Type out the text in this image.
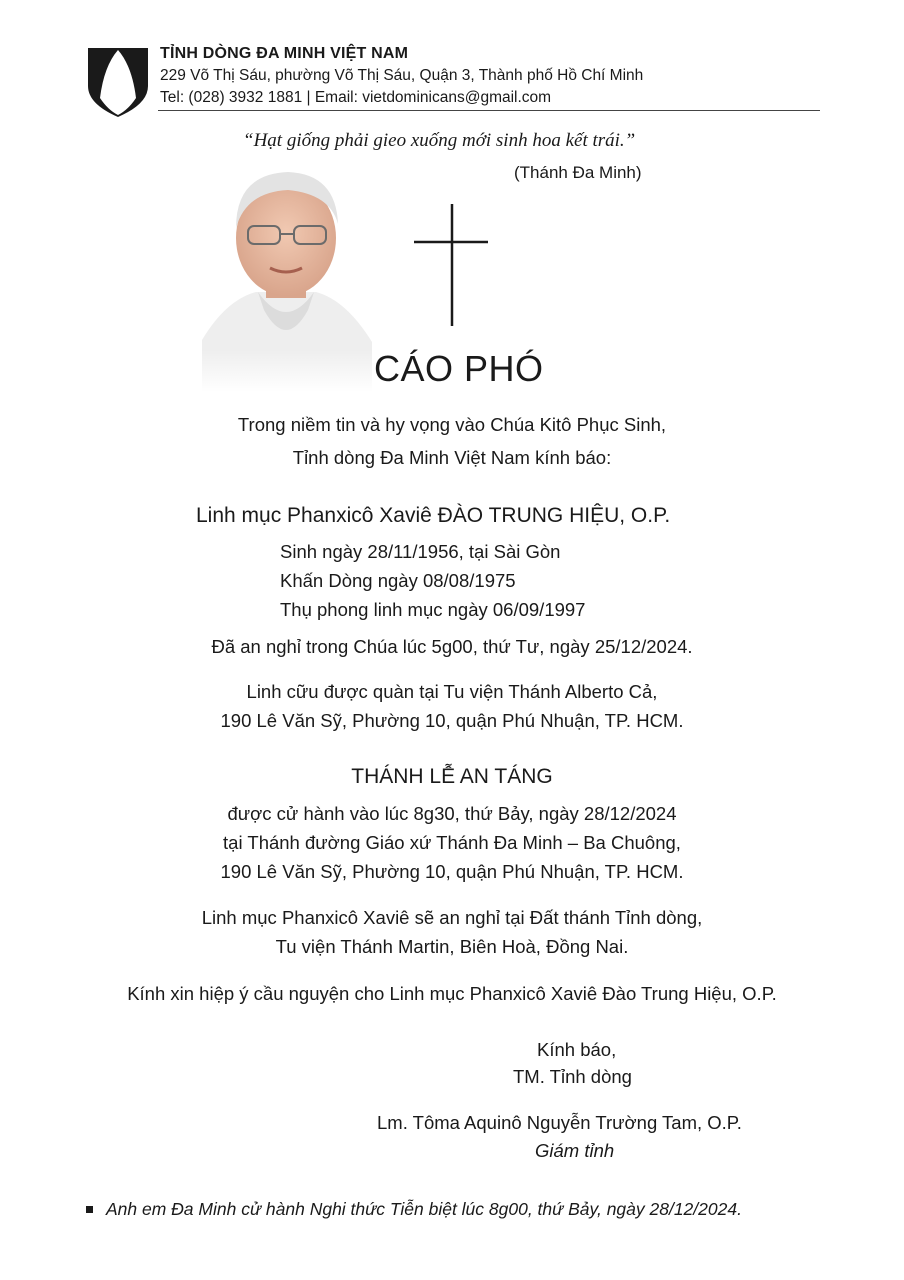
TỈNH DÒNG ĐA MINH VIỆT NAM
229 Võ Thị Sáu, phường Võ Thị Sáu, Quận 3, Thành phố Hồ Chí Minh
Tel: (028) 3932 1881 | Email: vietdominicans@gmail.com
“Hạt giống phải gieo xuống mới sinh hoa kết trái.”
(Thánh Đa Minh)
CÁO PHÓ
Trong niềm tin và hy vọng vào Chúa Kitô Phục Sinh,
Tỉnh dòng Đa Minh Việt Nam kính báo:
Linh mục Phanxicô Xaviê ĐÀO TRUNG HIỆU, O.P.
Sinh ngày 28/11/1956, tại Sài Gòn
Khấn Dòng ngày 08/08/1975
Thụ phong linh mục ngày 06/09/1997
Đã an nghỉ trong Chúa lúc 5g00, thứ Tư, ngày 25/12/2024.
Linh cữu được quàn tại Tu viện Thánh Alberto Cả,
190 Lê Văn Sỹ, Phường 10, quận Phú Nhuận, TP. HCM.
THÁNH LỄ AN TÁNG
được cử hành vào lúc 8g30, thứ Bảy, ngày 28/12/2024
tại Thánh đường Giáo xứ Thánh Đa Minh – Ba Chuông,
190 Lê Văn Sỹ, Phường 10, quận Phú Nhuận, TP. HCM.
Linh mục Phanxicô Xaviê sẽ an nghỉ tại Đất thánh Tỉnh dòng,
Tu viện Thánh Martin, Biên Hoà, Đồng Nai.
Kính xin hiệp ý cầu nguyện cho Linh mục Phanxicô Xaviê Đào Trung Hiệu, O.P.
Kính báo,
TM. Tỉnh dòng
Lm. Tôma Aquinô Nguyễn Trường Tam, O.P.
Giám tỉnh
Anh em Đa Minh cử hành Nghi thức Tiễn biệt lúc 8g00, thứ Bảy, ngày 28/12/2024.
